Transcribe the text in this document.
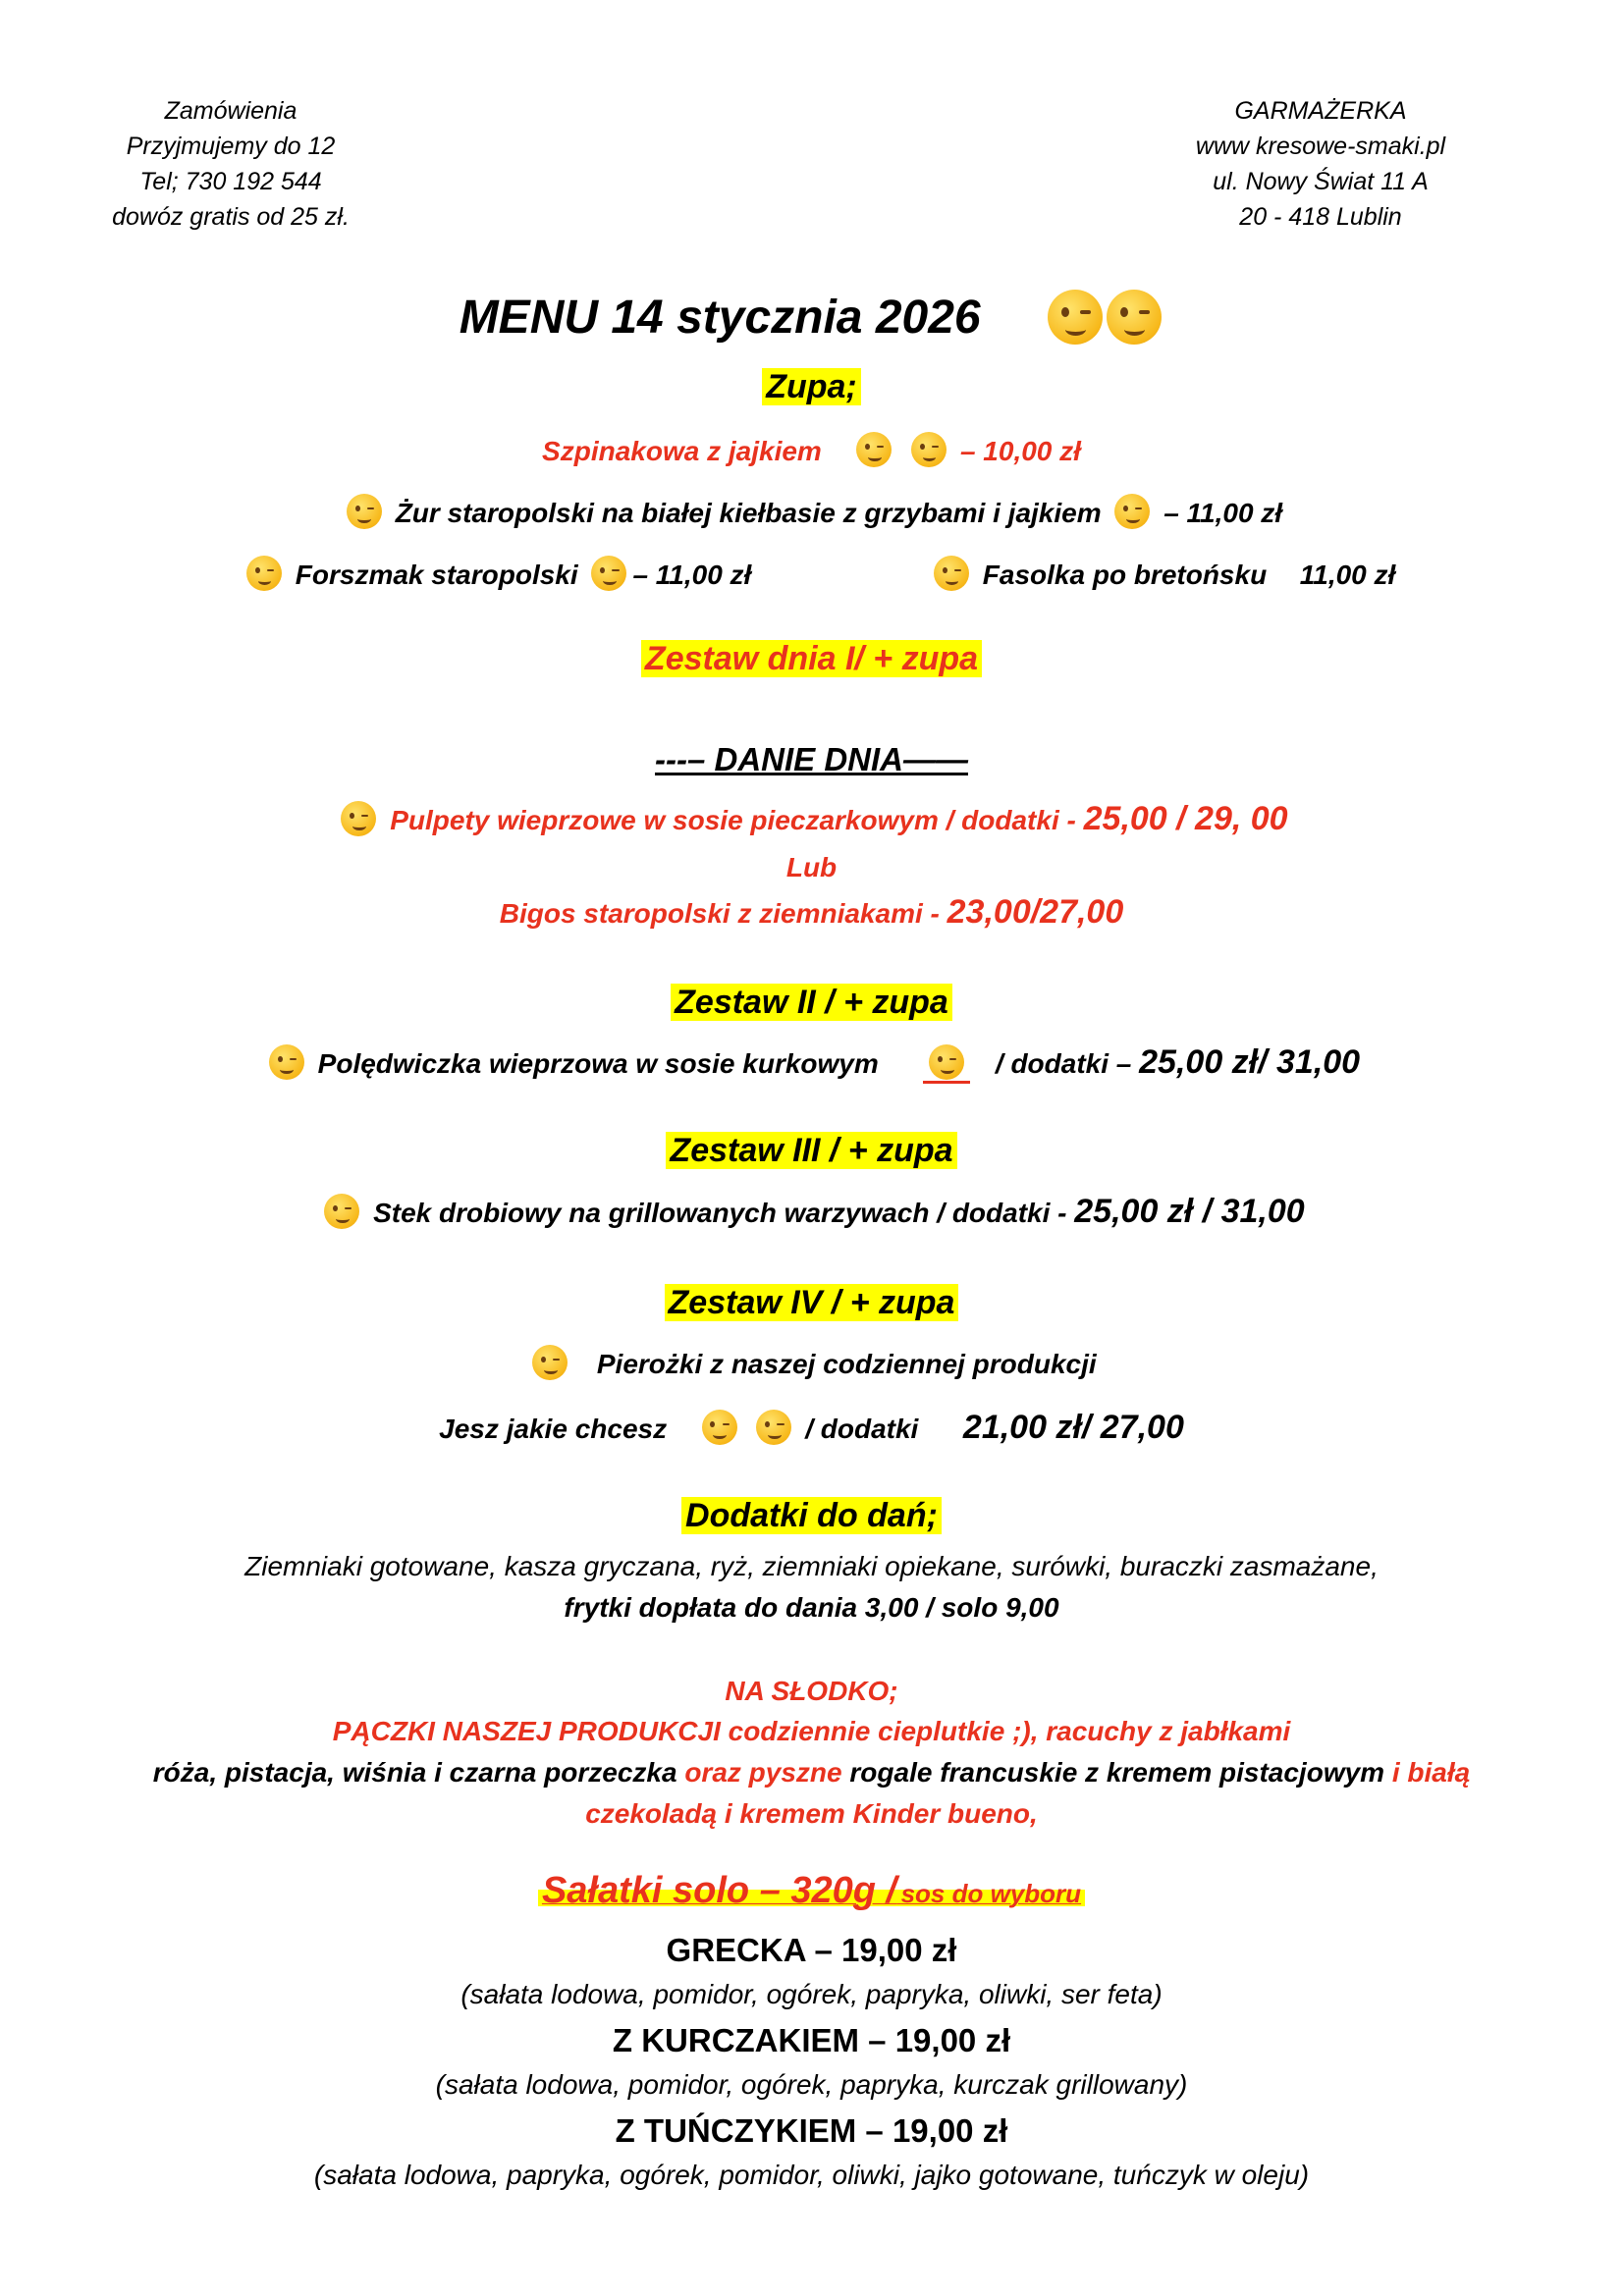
Zamówienia
Przyjmujemy do 12
Tel; 730 192 544
dowóz gratis od 25 zł.
GARMAŻERKA
www kresowe-smaki.pl
ul. Nowy Świat 11 A
20 - 418 Lublin
MENU 14 stycznia 2026
Zupa;
Szpinakowa z jajkiem
	– 10,00 zł
Żur staropolski na białej kiełbasie z grzybami i jajkiem – 11,00 zł
Forszmak staropolski – 11,00 zł	Fasolka po bretońsku 11,00 zł
Zestaw dnia I/ + zupa
---– DANIE DNIA——
Pulpety wieprzowe w sosie pieczarkowym / dodatki - 25,00 / 29, 00
Lub
Bigos staropolski z ziemniakami - 23,00/27,00
Zestaw II / + zupa
Polędwiczka wieprzowa w sosie kurkowym	/ dodatki – 25,00 zł/ 31,00
Zestaw III / + zupa
Stek drobiowy na grillowanych warzywach / dodatki - 25,00 zł / 31,00
Zestaw IV / + zupa
Pierożki z naszej codziennej produkcji
Jesz jakie chcesz
	/ dodatki 21,00 zł/ 27,00
Dodatki do dań;
Ziemniaki gotowane, kasza gryczana, ryż, ziemniaki opiekane, surówki, buraczki zasmażane,
frytki dopłata do dania 3,00 / solo 9,00
NA SŁODKO;
PĄCZKI NASZEJ PRODUKCJI codziennie cieplutkie ;), racuchy z jabłkami
róża, pistacja, wiśnia i czarna porzeczka oraz pyszne rogale francuskie z kremem pistacjowym i białą
czekoladą i kremem Kinder bueno,
Sałatki solo – 320g / sos do wyboru
GRECKA – 19,00 zł
(sałata lodowa, pomidor, ogórek, papryka, oliwki, ser feta)
Z KURCZAKIEM – 19,00 zł
(sałata lodowa, pomidor, ogórek, papryka, kurczak grillowany)
Z TUŃCZYKIEM – 19,00 zł
(sałata lodowa, papryka, ogórek, pomidor, oliwki, jajko gotowane, tuńczyk w oleju)
